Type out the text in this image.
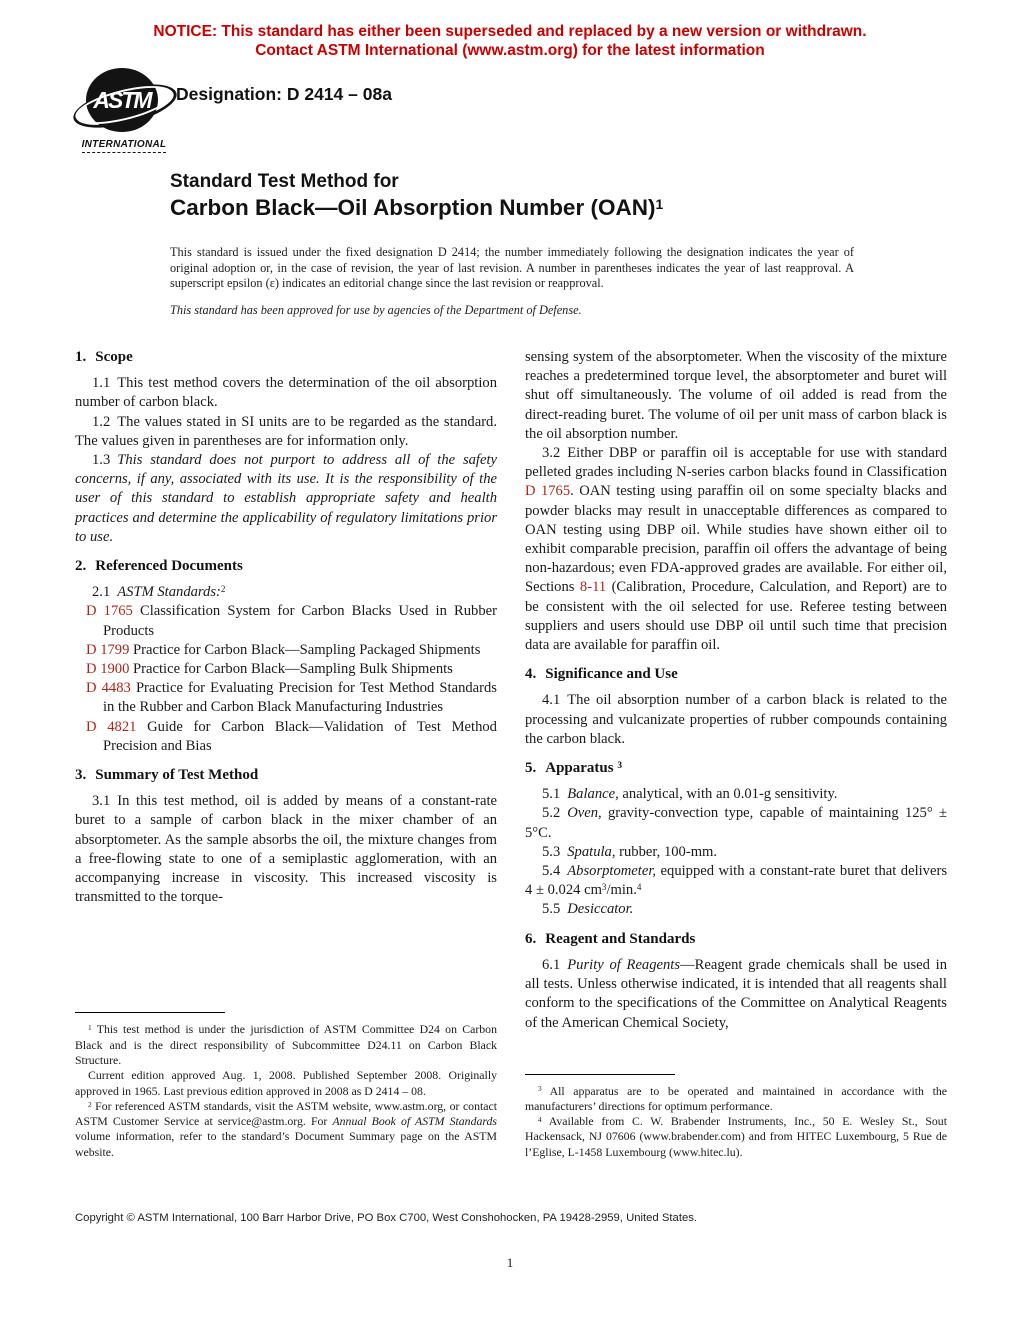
NOTICE: This standard has either been superseded and replaced by a new version or withdrawn.
Contact ASTM International (www.astm.org) for the latest information
ASTM
INTERNATIONAL
Designation: D 2414 – 08a
Standard Test Method for
Carbon Black—Oil Absorption Number (OAN)$^1$
This standard is issued under the fixed designation D 2414; the number immediately following the designation indicates the year of original adoption or, in the case of revision, the year of last revision. A number in parentheses indicates the year of last reapproval. A superscript epsilon (ε) indicates an editorial change since the last revision or reapproval.
This standard has been approved for use by agencies of the Department of Defense.
1. Scope

1.1 This test method covers the determination of the oil absorption number of carbon black.

1.2 The values stated in SI units are to be regarded as the standard. The values given in parentheses are for information only.

1.3 This standard does not purport to address all of the safety concerns, if any, associated with its use. It is the responsibility of the user of this standard to establish appropriate safety and health practices and determine the applicability of regulatory limitations prior to use.

2. Referenced Documents

2.1 ASTM Standards:$^2$

D 1765 Classification System for Carbon Blacks Used in Rubber Products

D 1799 Practice for Carbon Black—Sampling Packaged Shipments

D 1900 Practice for Carbon Black—Sampling Bulk Shipments

D 4483 Practice for Evaluating Precision for Test Method Standards in the Rubber and Carbon Black Manufacturing Industries

D 4821 Guide for Carbon Black—Validation of Test Method Precision and Bias

3. Summary of Test Method

3.1 In this test method, oil is added by means of a constant-rate buret to a sample of carbon black in the mixer chamber of an absorptometer. As the sample absorbs the oil, the mixture changes from a free-flowing state to one of a semiplastic agglomeration, with an accompanying increase in viscosity. This increased viscosity is transmitted to the torque-

$^1$ This test method is under the jurisdiction of ASTM Committee D24 on Carbon Black and is the direct responsibility of Subcommittee D24.11 on Carbon Black Structure.

Current edition approved Aug. 1, 2008. Published September 2008. Originally approved in 1965. Last previous edition approved in 2008 as D 2414 – 08.

$^2$ For referenced ASTM standards, visit the ASTM website, www.astm.org, or contact ASTM Customer Service at service@astm.org. For Annual Book of ASTM Standards volume information, refer to the standard’s Document Summary page on the ASTM website.

sensing system of the absorptometer. When the viscosity of the mixture reaches a predetermined torque level, the absorptometer and buret will shut off simultaneously. The volume of oil added is read from the direct-reading buret. The volume of oil per unit mass of carbon black is the oil absorption number.

3.2 Either DBP or paraffin oil is acceptable for use with standard pelleted grades including N-series carbon blacks found in Classification D 1765. OAN testing using paraffin oil on some specialty blacks and powder blacks may result in unacceptable differences as compared to OAN testing using DBP oil. While studies have shown either oil to exhibit comparable precision, paraffin oil offers the advantage of being non-hazardous; even FDA-approved grades are available. For either oil, Sections 8-11 (Calibration, Procedure, Calculation, and Report) are to be consistent with the oil selected for use. Referee testing between suppliers and users should use DBP oil until such time that precision data are available for paraffin oil.

4. Significance and Use

4.1 The oil absorption number of a carbon black is related to the processing and vulcanizate properties of rubber compounds containing the carbon black.

5. Apparatus $^3$

5.1 Balance, analytical, with an 0.01-g sensitivity.

5.2 Oven, gravity-convection type, capable of maintaining 125° ± 5°C.

5.3 Spatula, rubber, 100-mm.

5.4 Absorptometer, equipped with a constant-rate buret that delivers 4 ± 0.024 $cm^3/\min.^4$

5.5 Desiccator.

6. Reagent and Standards

6.1 Purity of Reagents—Reagent grade chemicals shall be used in all tests. Unless otherwise indicated, it is intended that all reagents shall conform to the specifications of the Committee on Analytical Reagents of the American Chemical Society,

$^3$ All apparatus are to be operated and maintained in accordance with the manufacturers’ directions for optimum performance.

$^4$ Available from C. W. Brabender Instruments, Inc., 50 E. Wesley St., Sout Hackensack, NJ 07606 (www.brabender.com) and from HITEC Luxembourg, 5 Rue de l’Eglise, L-1458 Luxembourg (www.hitec.lu).

Copyright © ASTM International, 100 Barr Harbor Drive, PO Box C700, West Conshohocken, PA 19428-2959, United States.
1
